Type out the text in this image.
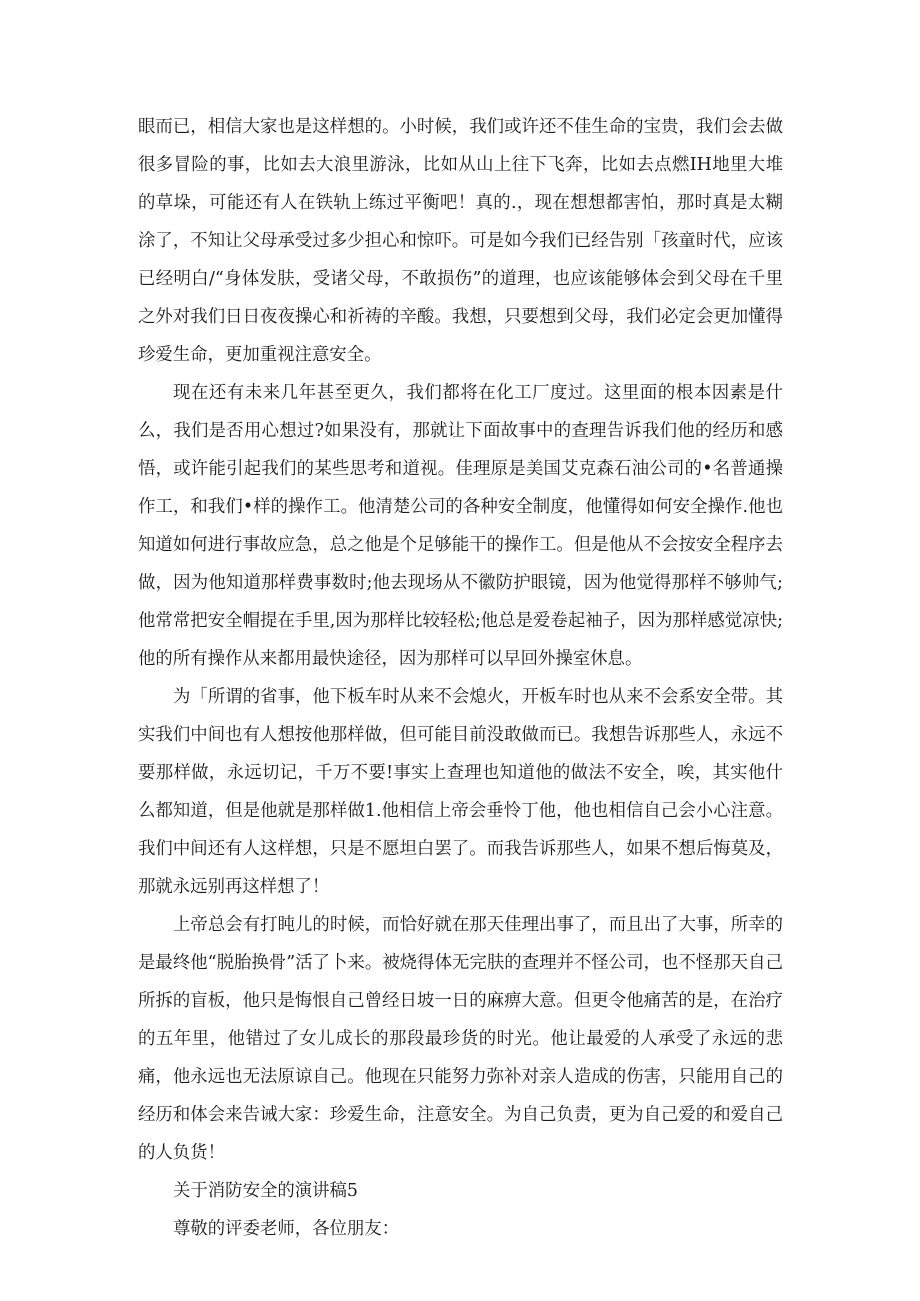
眼而已，相信大家也是这样想的。小时候，我们或许还不佳生命的宝贵，我们会去做很多冒险的事，比如去大浪里游泳，比如从山上往下飞奔，比如去点燃IH地里大堆的草垛，可能还有人在铁轨上练过平衡吧！真的.，现在想想都害怕，那时真是太糊涂了，不知让父母承受过多少担心和惊吓。可是如今我们已经告别「孩童时代，应该已经明白/“身体发肤，受诸父母，不敢损伤”的道理，也应该能够体会到父母在千里之外对我们日日夜夜操心和祈祷的辛酸。我想，只要想到父母，我们必定会更加懂得珍爱生命，更加重视注意安全。

现在还有未来几年甚至更久，我们都将在化工厂度过。这里面的根本因素是什么，我们是否用心想过?如果没有，那就让下面故事中的查理告诉我们他的经历和感悟，或许能引起我们的某些思考和道视。佳理原是美国艾克森石油公司的•名普通操作工，和我们•样的操作工。他清楚公司的各种安全制度，他懂得如何安全操作.他也知道如何进行事故应急，总之他是个足够能干的操作工。但是他从不会按安全程序去做，因为他知道那样费事数时;他去现场从不徽防护眼镜，因为他觉得那样不够帅气;他常常把安全帽提在手里,因为那样比较轻松;他总是爱卷起袖子，因为那样感觉凉快;他的所有操作从来都用最快途径，因为那样可以早回外操室休息。

为「所谓的省事，他下板车时从来不会熄火，开板车时也从来不会系安全带。其实我们中间也有人想按他那样做，但可能目前没敢做而已。我想告诉那些人，永远不要那样做，永远切记，千万不要!事实上查理也知道他的做法不安全，唉，其实他什么都知道，但是他就是那样做1.他相信上帝会垂怜丁他，他也相信自己会小心注意。我们中间还有人这样想，只是不愿坦白罢了。而我告诉那些人，如果不想后悔莫及，那就永远别再这样想了！

上帝总会有打盹儿的时候，而恰好就在那天佳理出事了，而且出了大事，所幸的是最终他“脱胎换骨”活了卜来。被烧得体无完肤的查理并不怪公司，也不怪那天自己所拆的盲板，他只是悔恨自己曾经日坡一日的麻痹大意。但更令他痛苦的是，在治疗的五年里，他错过了女儿成长的那段最珍货的时光。他让最爱的人承受了永远的悲痛，他永远也无法原谅自己。他现在只能努力弥补对亲人造成的伤害，只能用自己的经历和体会来告诫大家：珍爱生命，注意安全。为自己负责，更为自己爱的和爱自己的人负货！

关于消防安全的演讲稿5

尊敬的评委老师，各位朋友：
